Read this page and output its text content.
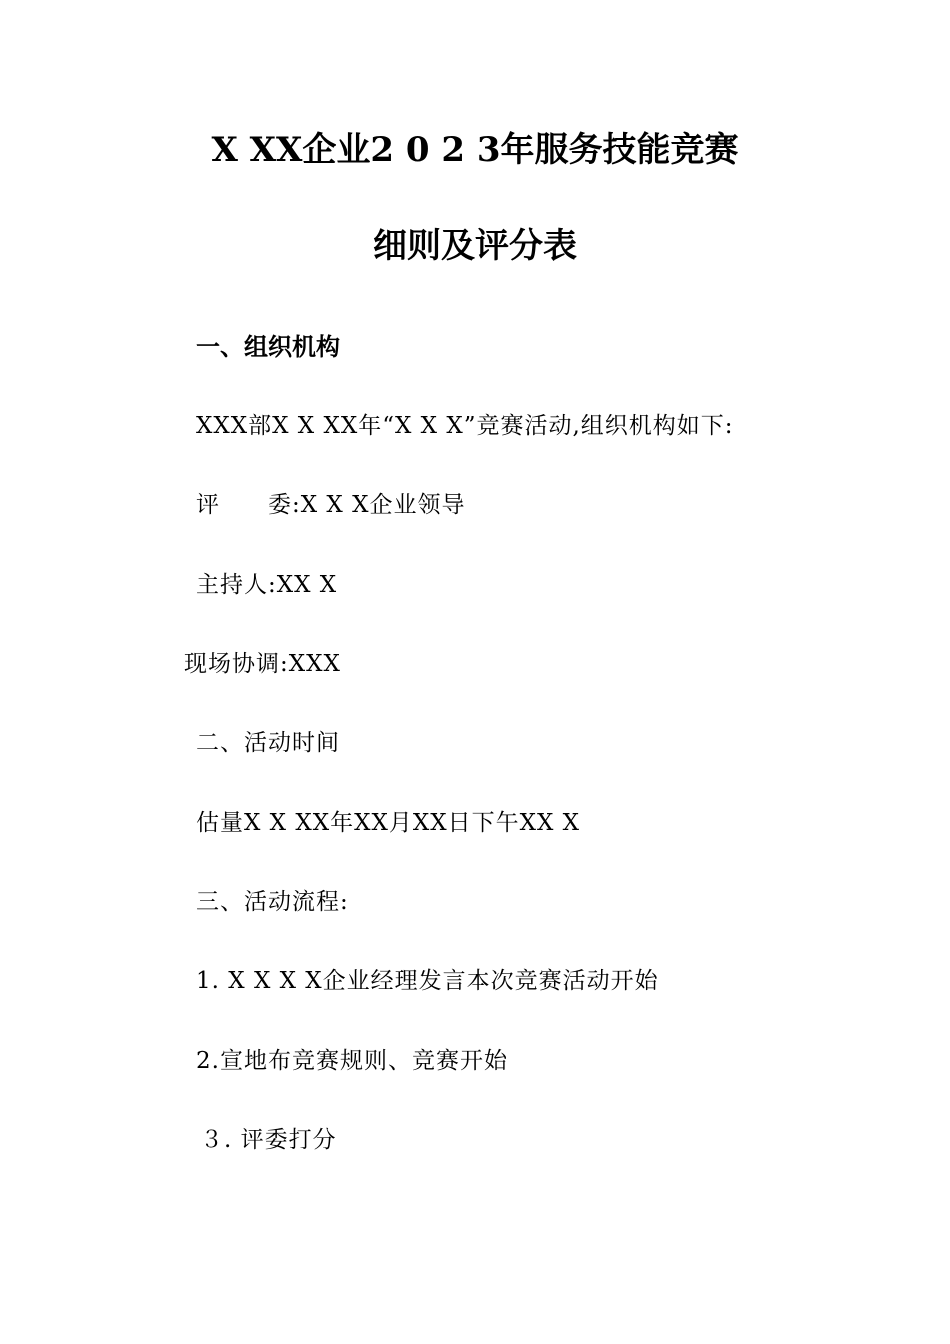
X XX企业2 0 2 3年服务技能竞赛
细则及评分表
一、组织机构
XXX部X X XX年“X X X”竞赛活动,组织机构如下:
评　　委:X X X企业领导
主持人:XX X
现场协调:XXX
二、活动时间
估量X X XX年XX月XX日下午XX X
三、活动流程:
1. X X X X企业经理发言本次竞赛活动开始
2.宣地布竞赛规则、竞赛开始
３. 评委打分
